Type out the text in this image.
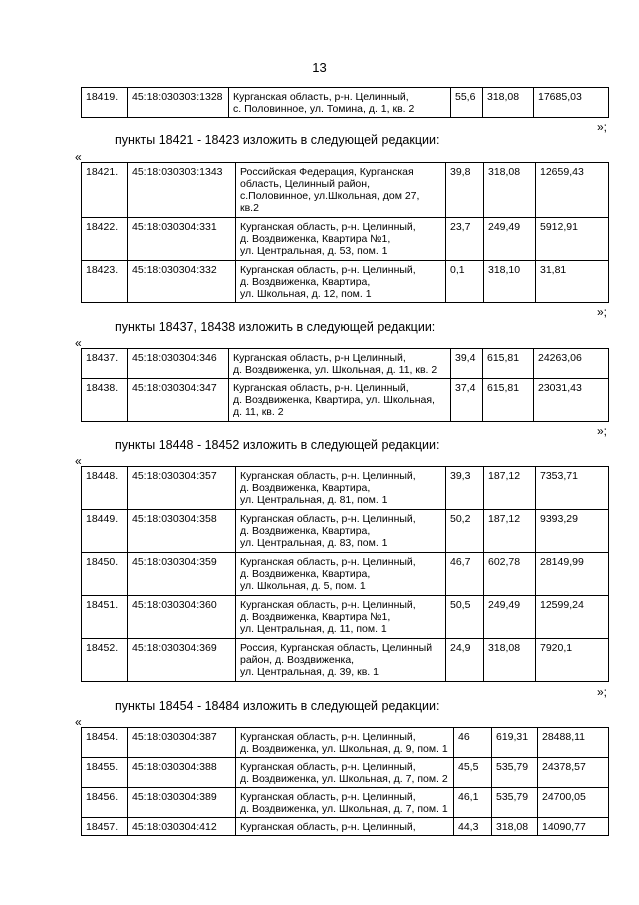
13
18419.	45:18:030303:1328	Курганская область, р-н. Целинный,
с. Половинное, ул. Томина, д. 1, кв. 2	55,6	318,08	17685,03
»;
пункты 18421 - 18423 изложить в следующей редакции:
«
18421.	45:18:030303:1343	Российская Федерация, Курганская
область, Целинный район,
с.Половинное, ул.Школьная, дом 27,
кв.2	39,8	318,08	12659,43
18422.	45:18:030304:331	Курганская область, р-н. Целинный,
д. Воздвиженка, Квартира №1,
ул. Центральная, д. 53, пом. 1	23,7	249,49	5912,91
18423.	45:18:030304:332	Курганская область, р-н. Целинный,
д. Воздвиженка, Квартира,
ул. Школьная, д. 12, пом. 1	0,1	318,10	31,81
»;
пункты 18437, 18438 изложить в следующей редакции:
«
18437.	45:18:030304:346	Курганская область, р-н Целинный,
д. Воздвиженка, ул. Школьная, д. 11, кв. 2	39,4	615,81	24263,06
18438.	45:18:030304:347	Курганская область, р-н. Целинный,
д. Воздвиженка, Квартира, ул. Школьная,
д. 11, кв. 2	37,4	615,81	23031,43
»;
пункты 18448 - 18452 изложить в следующей редакции:
«
18448.	45:18:030304:357	Курганская область, р-н. Целинный,
д. Воздвиженка, Квартира,
ул. Центральная, д. 81, пом. 1	39,3	187,12	7353,71
18449.	45:18:030304:358	Курганская область, р-н. Целинный,
д. Воздвиженка, Квартира,
ул. Центральная, д. 83, пом. 1	50,2	187,12	9393,29
18450.	45:18:030304:359	Курганская область, р-н. Целинный,
д. Воздвиженка, Квартира,
ул. Школьная, д. 5, пом. 1	46,7	602,78	28149,99
18451.	45:18:030304:360	Курганская область, р-н. Целинный,
д. Воздвиженка, Квартира №1,
ул. Центральная, д. 11, пом. 1	50,5	249,49	12599,24
18452.	45:18:030304:369	Россия, Курганская область, Целинный
район, д. Воздвиженка,
ул. Центральная, д. 39, кв. 1	24,9	318,08	7920,1
»;
пункты 18454 - 18484 изложить в следующей редакции:
«
18454.	45:18:030304:387	Курганская область, р-н. Целинный,
д. Воздвиженка, ул. Школьная, д. 9, пом. 1	46	619,31	28488,11
18455.	45:18:030304:388	Курганская область, р-н. Целинный,
д. Воздвиженка, ул. Школьная, д. 7, пом. 2	45,5	535,79	24378,57
18456.	45:18:030304:389	Курганская область, р-н. Целинный,
д. Воздвиженка, ул. Школьная, д. 7, пом. 1	46,1	535,79	24700,05
18457.	45:18:030304:412	Курганская область, р-н. Целинный,	44,3	318,08	14090,77
